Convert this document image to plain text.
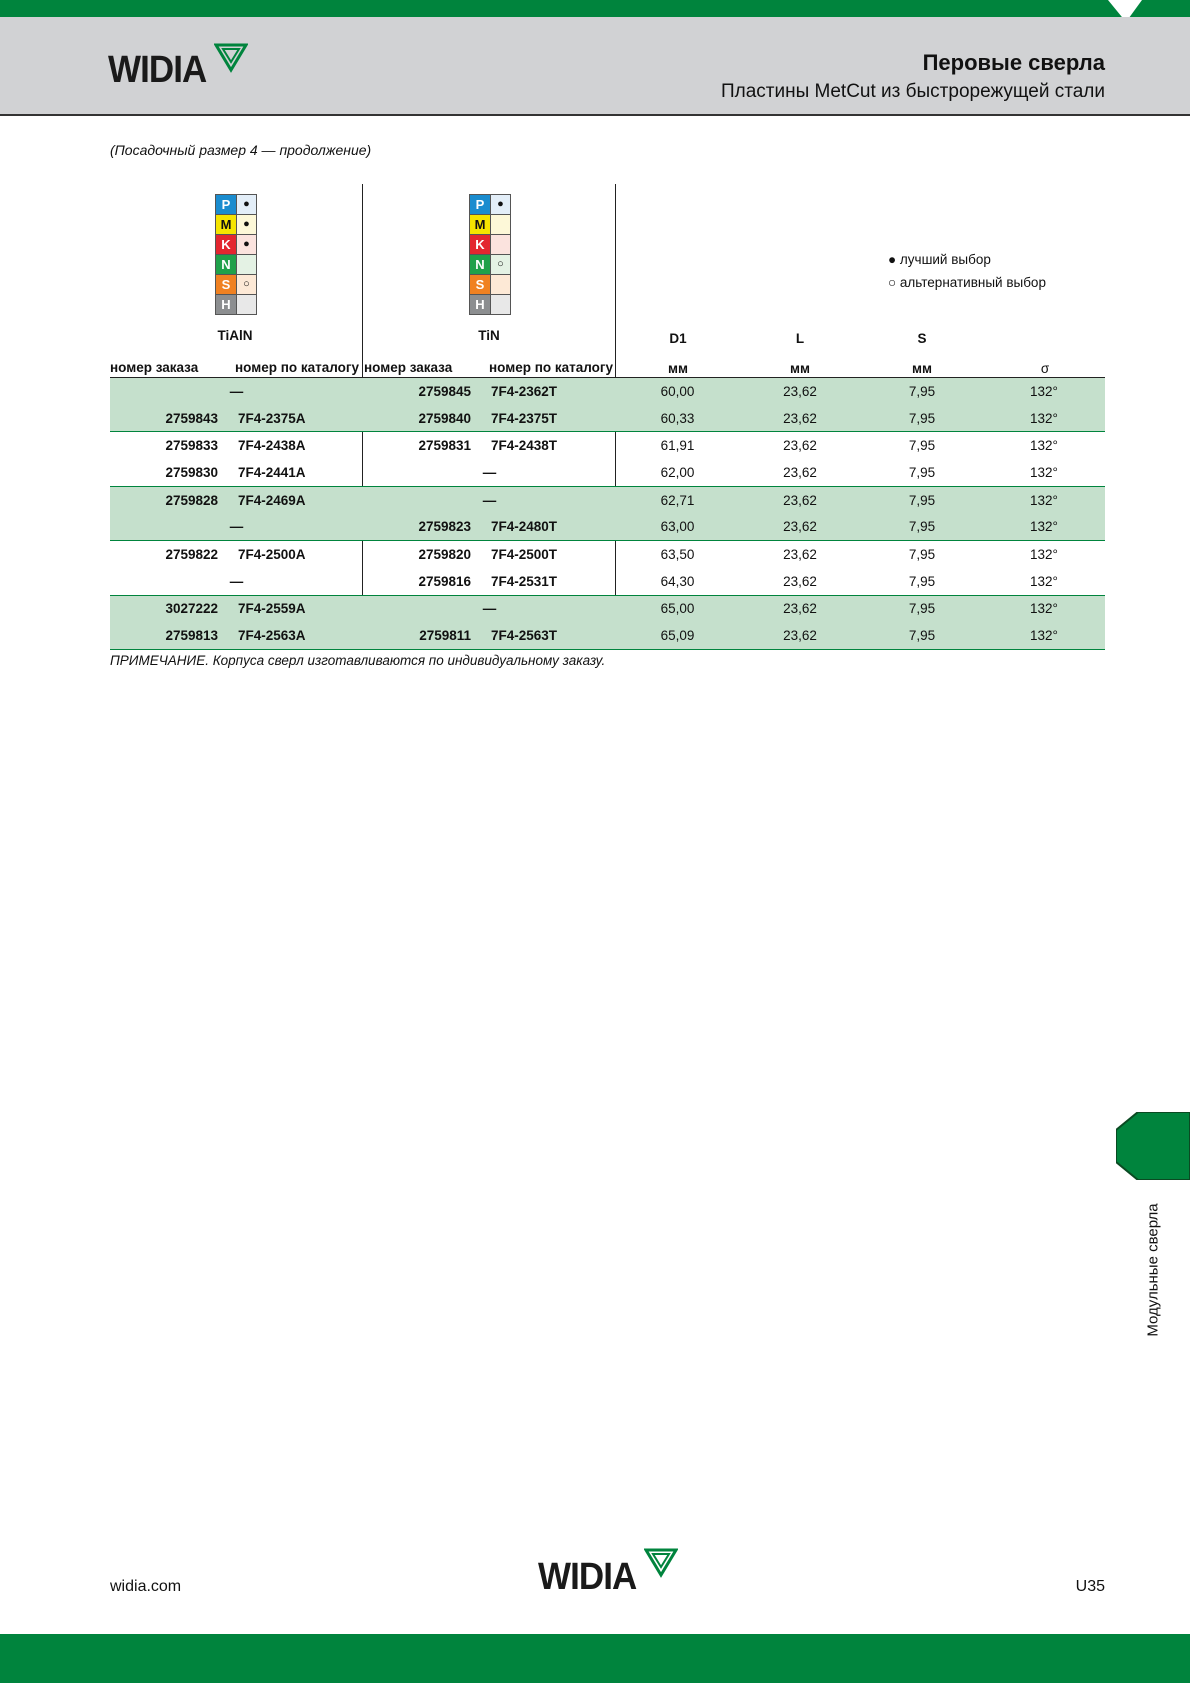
WIDIA	Перовые сверла
Пластины MetCut из быстрорежущей стали
(Посадочный размер 4 — продолжение)
P	●
M	●
K	●
N
S	○
H
P	●
M
K
N	○
S
H
TiAlN	TiN
● лучший выбор
○ альтернативный выбор
D1	L	S
номер заказа	номер по каталогу номер заказа	номер по каталогу	мм	мм	мм	σ
—		2759845	7F4-2362T	60,00	23,62	7,95	132°
2759843	7F4-2375A	2759840	7F4-2375T	60,33	23,62	7,95	132°
2759833	7F4-2438A	2759831	7F4-2438T	61,91	23,62	7,95	132°
2759830	7F4-2441A	—		62,00	23,62	7,95	132°
2759828	7F4-2469A	—		62,71	23,62	7,95	132°
—		2759823	7F4-2480T	63,00	23,62	7,95	132°
2759822	7F4-2500A	2759820	7F4-2500T	63,50	23,62	7,95	132°
—		2759816	7F4-2531T	64,30	23,62	7,95	132°
3027222	7F4-2559A	—		65,00	23,62	7,95	132°
2759813	7F4-2563A	2759811	7F4-2563T	65,09	23,62	7,95	132°
ПРИМЕЧАНИЕ. Корпуса сверл изготавливаются по индивидуальному заказу.
Модульные сверла
widia.com	WIDIA	U35
